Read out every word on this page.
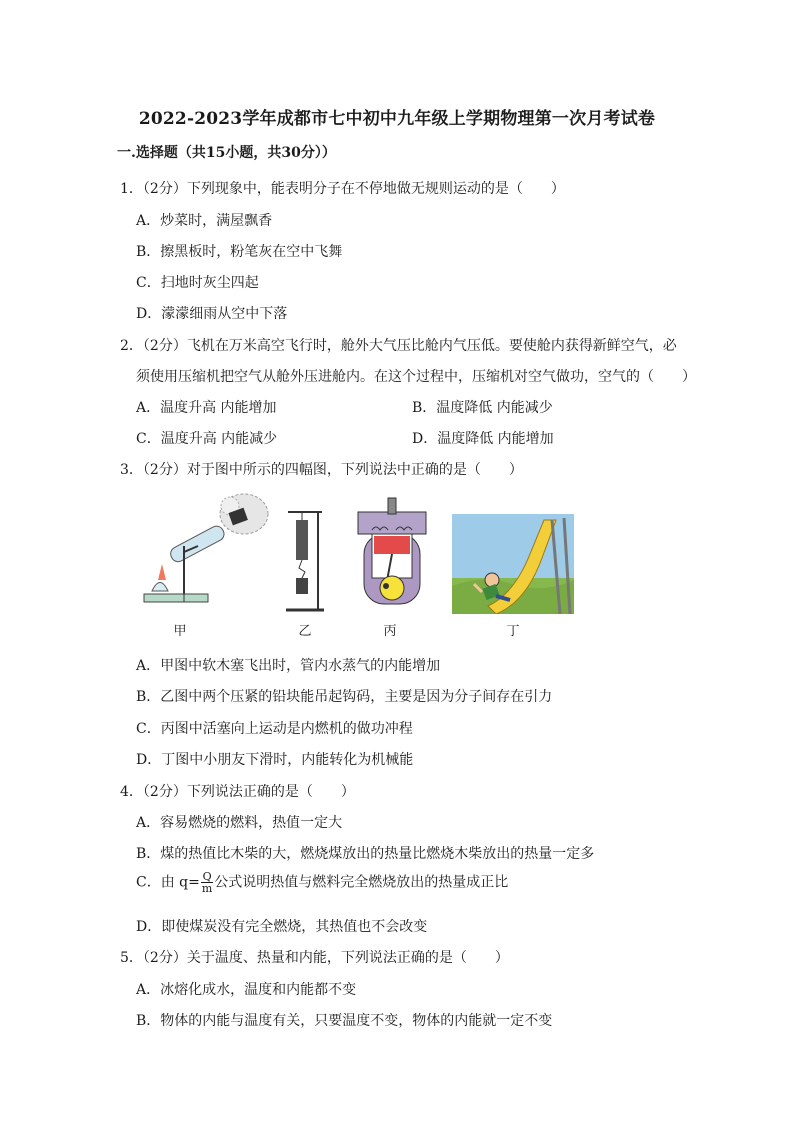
2022-2023学年成都市七中初中九年级上学期物理第一次月考试卷
一.选择题（共15小题，共30分））
1．（2分）下列现象中，能表明分子在不停地做无规则运动的是（　　）
A．炒菜时，满屋飘香
B．擦黑板时，粉笔灰在空中飞舞
C．扫地时灰尘四起
D．濛濛细雨从空中下落
2．（2分）飞机在万米高空飞行时，舱外大气压比舱内气压低。要使舱内获得新鲜空气，必
须使用压缩机把空气从舱外压进舱内。在这个过程中，压缩机对空气做功，空气的（　　）
A．温度升高 内能增加	B．温度降低 内能减少
C．温度升高 内能减少	D．温度降低 内能增加
3．（2分）对于图中所示的四幅图，下列说法中正确的是（　　）
甲	乙	丙	丁
A．甲图中软木塞飞出时，管内水蒸气的内能增加
B．乙图中两个压紧的铅块能吊起钩码，主要是因为分子间存在引力
C．丙图中活塞向上运动是内燃机的做功冲程
D．丁图中小朋友下滑时，内能转化为机械能
4．（2分）下列说法正确的是（　　）
A．容易燃烧的燃料，热值一定大
B．煤的热值比木柴的大，燃烧煤放出的热量比燃烧木柴放出的热量一定多
C．由 $q= \frac{Q}{m}$ 公式说明热值与燃料完全燃烧放出的热量成正比
D．即使煤炭没有完全燃烧，其热值也不会改变
5．（2分）关于温度、热量和内能，下列说法正确的是（　　）
A．冰熔化成水，温度和内能都不变
B．物体的内能与温度有关，只要温度不变，物体的内能就一定不变
